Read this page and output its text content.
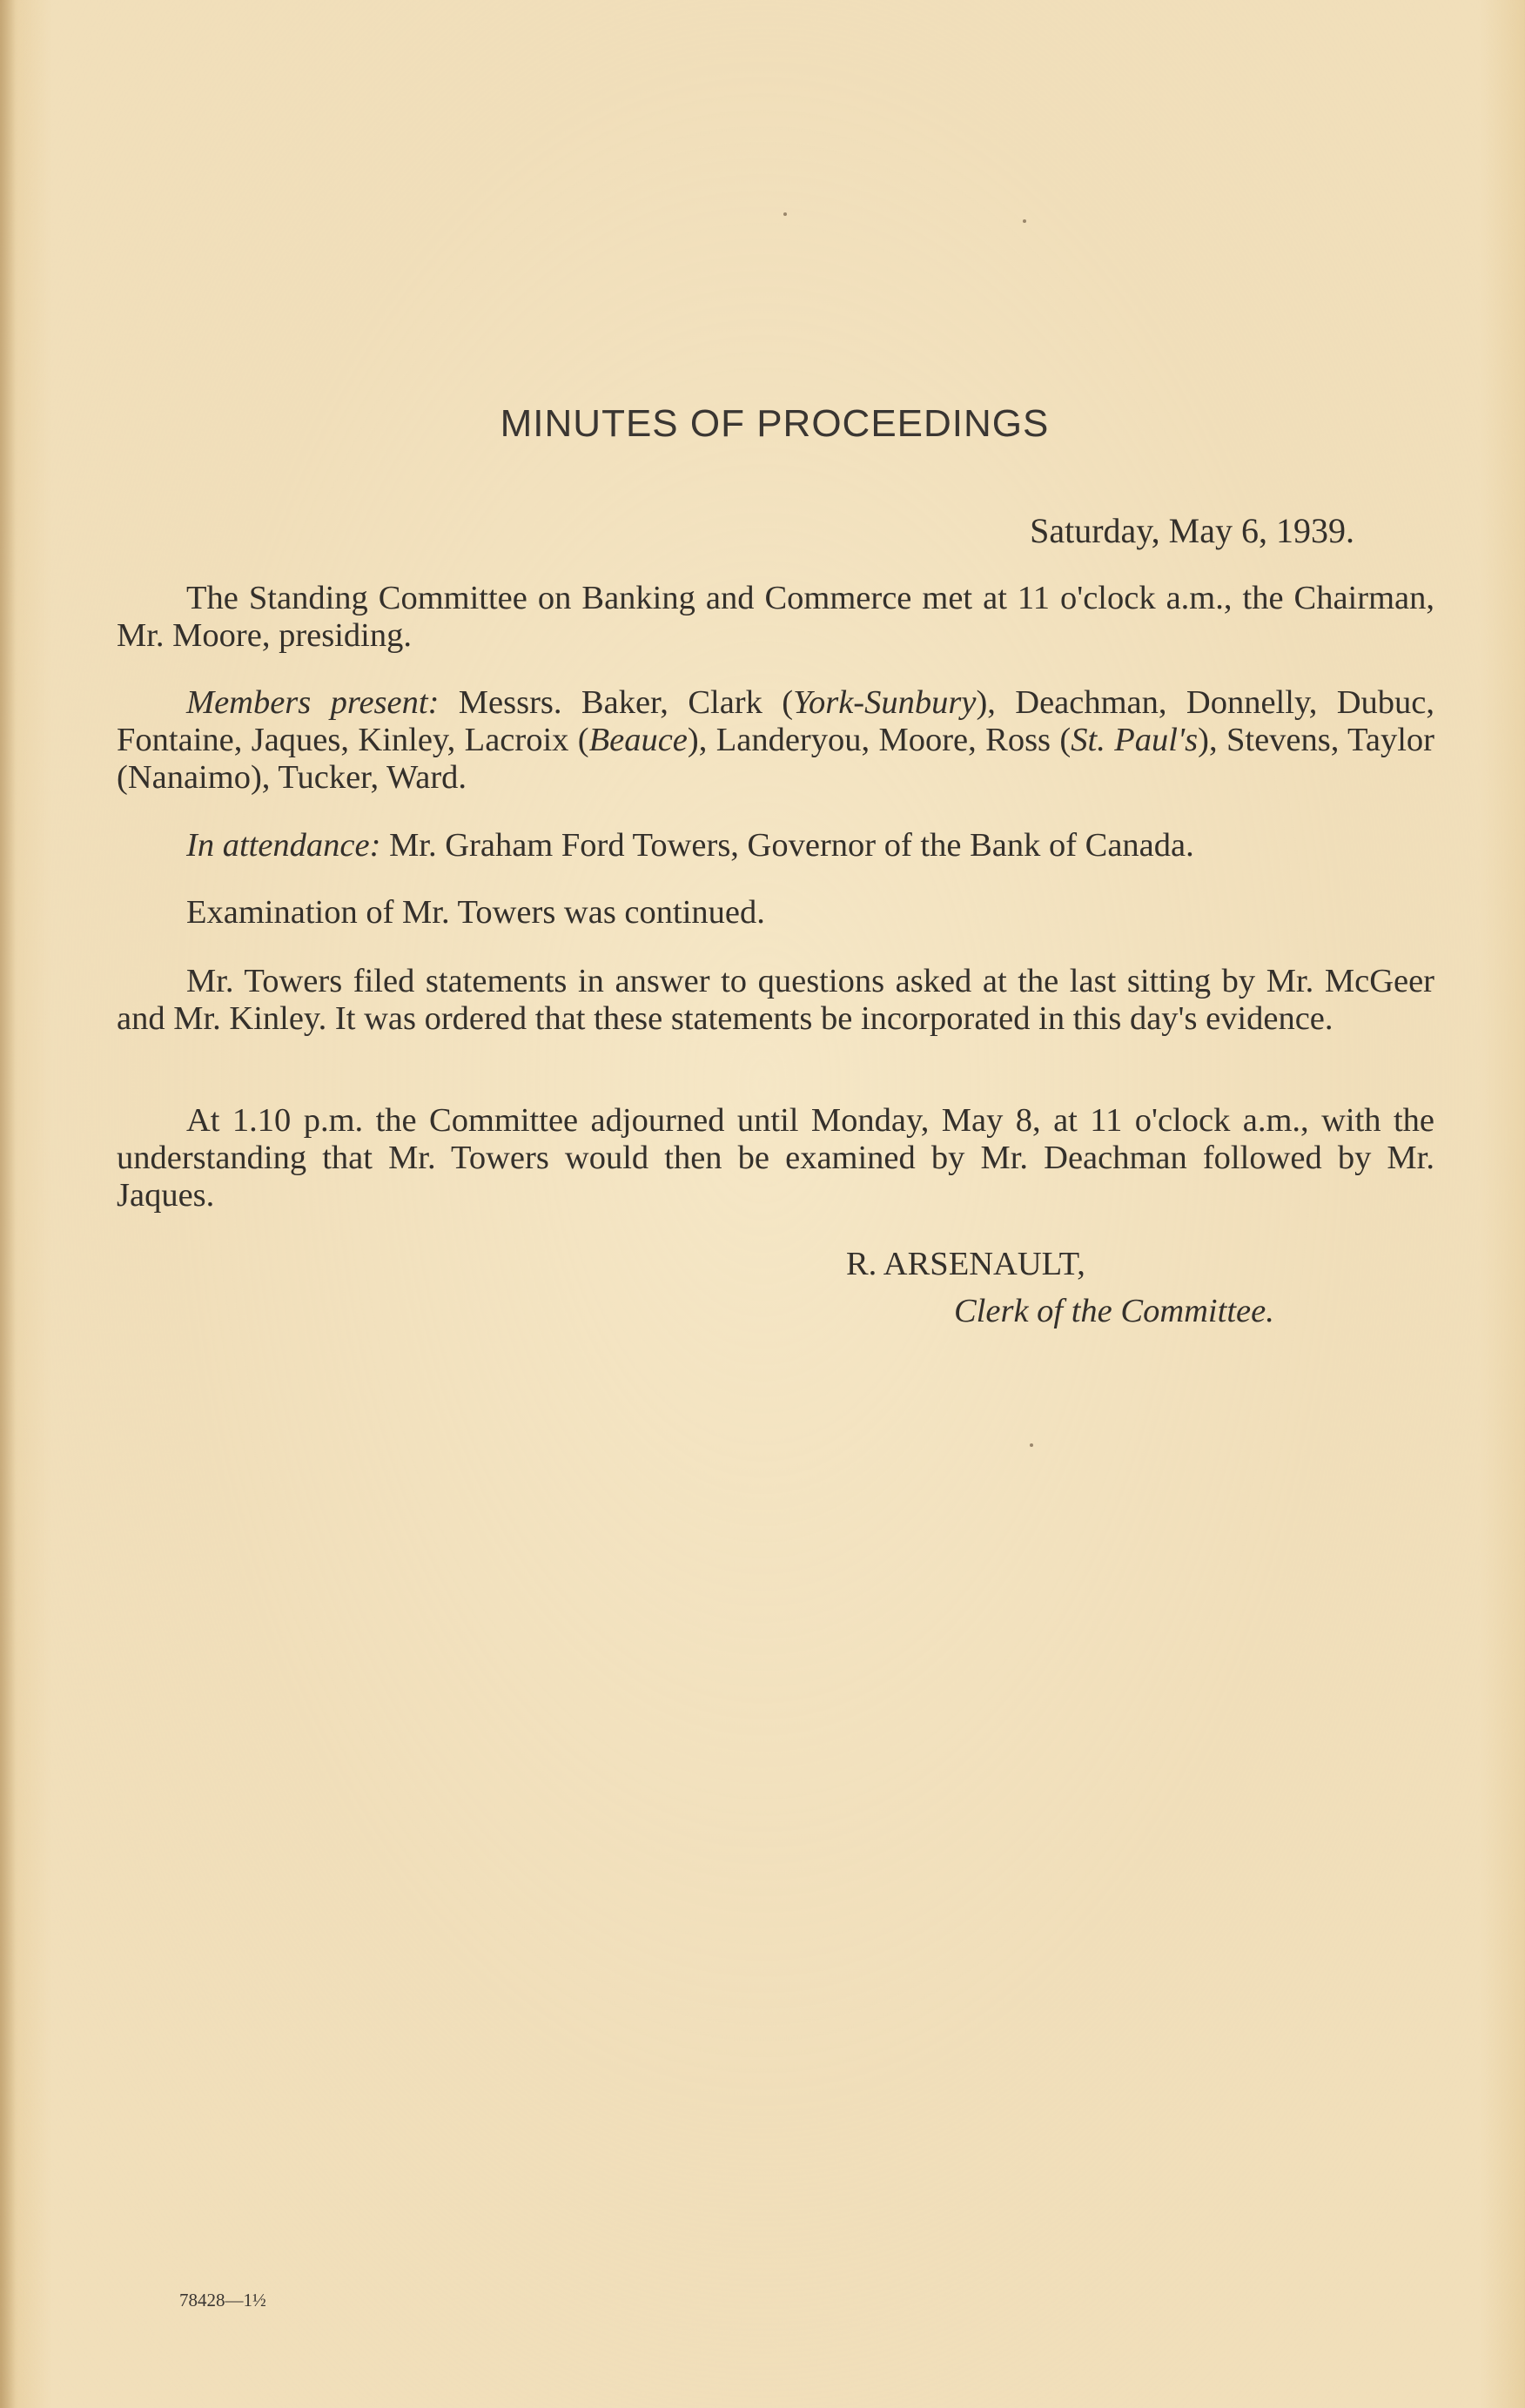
MINUTES OF PROCEEDINGS
Saturday, May 6, 1939.
The Standing Committee on Banking and Commerce met at 11 o'clock a.m., the Chairman, Mr. Moore, presiding.
Members present: Messrs. Baker, Clark (York-Sunbury), Deachman, Donnelly, Dubuc, Fontaine, Jaques, Kinley, Lacroix (Beauce), Landeryou, Moore, Ross (St. Paul's), Stevens, Taylor (Nanaimo), Tucker, Ward.
In attendance: Mr. Graham Ford Towers, Governor of the Bank of Canada.
Examination of Mr. Towers was continued.
Mr. Towers filed statements in answer to questions asked at the last sitting by Mr. McGeer and Mr. Kinley. It was ordered that these statements be incorporated in this day's evidence.
At 1.10 p.m. the Committee adjourned until Monday, May 8, at 11 o'clock a.m., with the understanding that Mr. Towers would then be examined by Mr. Deachman followed by Mr. Jaques.
R. ARSENAULT,
Clerk of the Committee.
78428—1½
